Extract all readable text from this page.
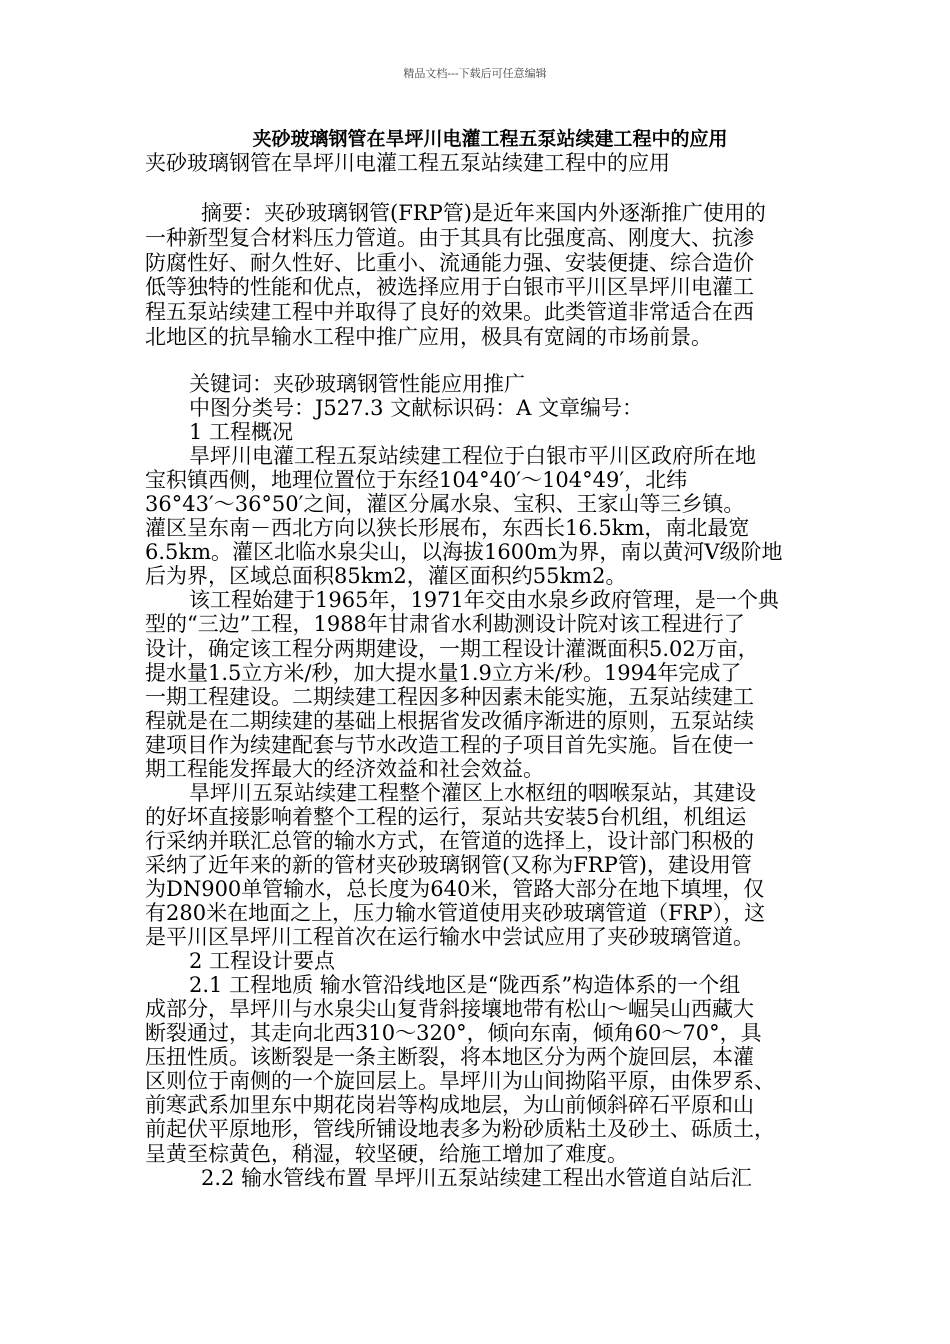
精品文档---下载后可任意编辑
夹砂玻璃钢管在旱坪川电灌工程五泵站续建工程中的应用
夹砂玻璃钢管在旱坪川电灌工程五泵站续建工程中的应用
摘要：夹砂玻璃钢管(FRP管)是近年来国内外逐渐推广使用的
一种新型复合材料压力管道。由于其具有比强度高、刚度大、抗渗
防腐性好、耐久性好、比重小、流通能力强、安装便捷、综合造价
低等独特的性能和优点，被选择应用于白银市平川区旱坪川电灌工
程五泵站续建工程中并取得了良好的效果。此类管道非常适合在西
北地区的抗旱输水工程中推广应用，极具有宽阔的市场前景。
关键词：夹砂玻璃钢管性能应用推广
中图分类号：J527.3 文献标识码：A 文章编号：
1 工程概况
旱坪川电灌工程五泵站续建工程位于白银市平川区政府所在地
宝积镇西侧，地理位置位于东经104°40′～104°49′，北纬
36°43′～36°50′之间，灌区分属水泉、宝积、王家山等三乡镇。
灌区呈东南－西北方向以狭长形展布，东西长16.5km，南北最宽
6.5km。灌区北临水泉尖山，以海拔1600m为界，南以黄河Ⅴ级阶地
后为界，区域总面积85km2，灌区面积约55km2。
该工程始建于1965年，1971年交由水泉乡政府管理，是一个典
型的“三边”工程，1988年甘肃省水利勘测设计院对该工程进行了
设计，确定该工程分两期建设，一期工程设计灌溉面积5.02万亩，
提水量1.5立方米/秒，加大提水量1.9立方米/秒。1994年完成了
一期工程建设。二期续建工程因多种因素未能实施，五泵站续建工
程就是在二期续建的基础上根据省发改循序渐进的原则，五泵站续
建项目作为续建配套与节水改造工程的子项目首先实施。旨在使一
期工程能发挥最大的经济效益和社会效益。
旱坪川五泵站续建工程整个灌区上水枢纽的咽喉泵站，其建设
的好坏直接影响着整个工程的运行，泵站共安装5台机组，机组运
行采纳并联汇总管的输水方式，在管道的选择上，设计部门积极的
采纳了近年来的新的管材夹砂玻璃钢管(又称为FRP管)，建设用管
为DN900单管输水，总长度为640米，管路大部分在地下填埋，仅
有280米在地面之上，压力输水管道使用夹砂玻璃管道（FRP），这
是平川区旱坪川工程首次在运行输水中尝试应用了夹砂玻璃管道。
2 工程设计要点
2.1 工程地质 输水管沿线地区是“陇西系”构造体系的一个组
成部分，旱坪川与水泉尖山复背斜接壤地带有松山～崛吴山西藏大
断裂通过，其走向北西310～320°，倾向东南，倾角60～70°，具
压扭性质。该断裂是一条主断裂，将本地区分为两个旋回层，本灌
区则位于南侧的一个旋回层上。旱坪川为山间拗陷平原，由侏罗系、
前寒武系加里东中期花岗岩等构成地层，为山前倾斜碎石平原和山
前起伏平原地形，管线所铺设地表多为粉砂质粘土及砂土、砾质土，
呈黄至棕黄色，稍湿，较坚硬，给施工增加了难度。
2.2 输水管线布置 旱坪川五泵站续建工程出水管道自站后汇
